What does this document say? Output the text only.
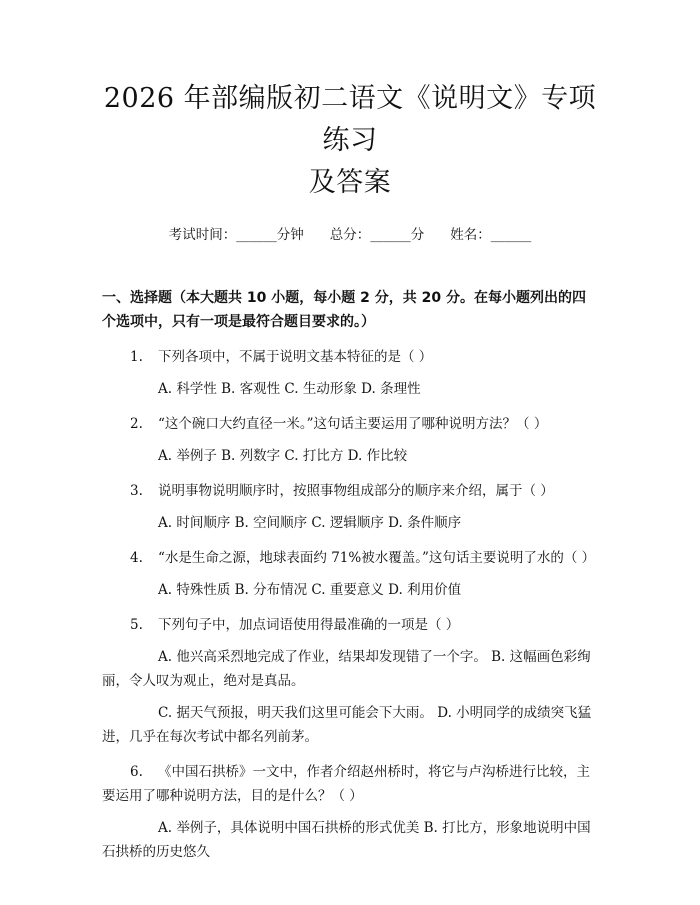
2026 年部编版初二语文《说明文》专项练习
及答案
考试时间：______分钟 总分：______分 姓名：______
一、选择题（本大题共 10 小题，每小题 2 分，共 20 分。在每小题列出的四个选项中，只有一项是最符合题目要求的。）
1. 下列各项中，不属于说明文基本特征的是（ ）
A. 科学性 B. 客观性 C. 生动形象 D. 条理性
2. “这个碗口大约直径一米。”这句话主要运用了哪种说明方法？（ ）
A. 举例子 B. 列数字 C. 打比方 D. 作比较
3. 说明事物说明顺序时，按照事物组成部分的顺序来介绍，属于（ ）
A. 时间顺序 B. 空间顺序 C. 逻辑顺序 D. 条件顺序
4. “水是生命之源，地球表面约 71%被水覆盖。”这句话主要说明了水的（ ）
A. 特殊性质 B. 分布情况 C. 重要意义 D. 利用价值
5. 下列句子中，加点词语使用得最准确的一项是（ ）
A. 他兴高采烈地完成了作业，结果却发现错了一个字。 B. 这幅画色彩绚丽，令人叹为观止，绝对是真品。
C. 据天气预报，明天我们这里可能会下大雨。 D. 小明同学的成绩突飞猛进，几乎在每次考试中都名列前茅。
6. 《中国石拱桥》一文中，作者介绍赵州桥时，将它与卢沟桥进行比较，主要运用了哪种说明方法，目的是什么？（ ）
A. 举例子，具体说明中国石拱桥的形式优美 B. 打比方，形象地说明中国石拱桥的历史悠久
